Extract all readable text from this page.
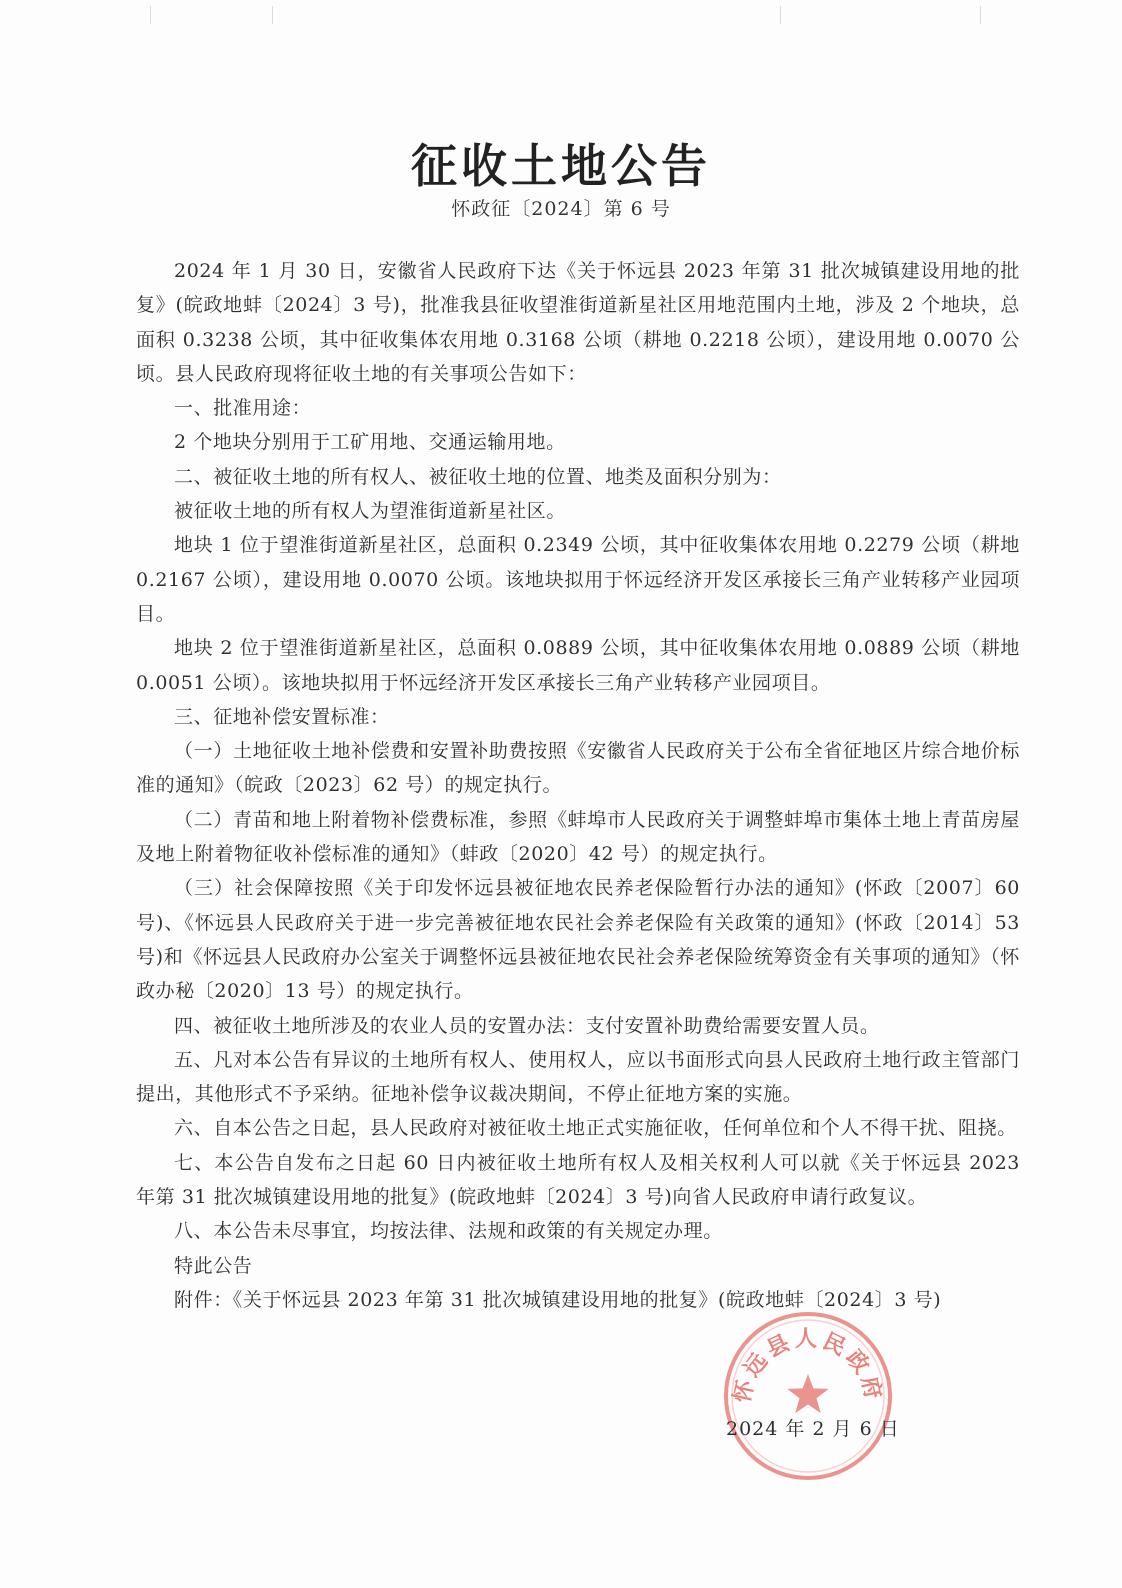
征收土地公告
怀政征〔2024〕第 6 号

2024 年 1 月 30 日，安徽省人民政府下达《关于怀远县 2023 年第 31 批次城镇建设用地的批复》(皖政地蚌〔2024〕3 号)，批准我县征收望淮街道新星社区用地范围内土地，涉及 2 个地块，总面积 0.3238 公顷，其中征收集体农用地 0.3168 公顷（耕地 0.2218 公顷），建设用地 0.0070 公顷。县人民政府现将征收土地的有关事项公告如下：

一、批准用途：

2 个地块分别用于工矿用地、交通运输用地。

二、被征收土地的所有权人、被征收土地的位置、地类及面积分别为：

被征收土地的所有权人为望淮街道新星社区。

地块 1 位于望淮街道新星社区，总面积 0.2349 公顷，其中征收集体农用地 0.2279 公顷（耕地 0.2167 公顷），建设用地 0.0070 公顷。该地块拟用于怀远经济开发区承接长三角产业转移产业园项目。

地块 2 位于望淮街道新星社区，总面积 0.0889 公顷，其中征收集体农用地 0.0889 公顷（耕地 0.0051 公顷）。该地块拟用于怀远经济开发区承接长三角产业转移产业园项目。

三、征地补偿安置标准：

（一）土地征收土地补偿费和安置补助费按照《安徽省人民政府关于公布全省征地区片综合地价标准的通知》（皖政〔2023〕62 号）的规定执行。

（二）青苗和地上附着物补偿费标准，参照《蚌埠市人民政府关于调整蚌埠市集体土地上青苗房屋及地上附着物征收补偿标准的通知》（蚌政〔2020〕42 号）的规定执行。

（三）社会保障按照《关于印发怀远县被征地农民养老保险暂行办法的通知》(怀政〔2007〕60 号)、《怀远县人民政府关于进一步完善被征地农民社会养老保险有关政策的通知》(怀政〔2014〕53 号)和《怀远县人民政府办公室关于调整怀远县被征地农民社会养老保险统筹资金有关事项的通知》（怀政办秘〔2020〕13 号）的规定执行。

四、被征收土地所涉及的农业人员的安置办法：支付安置补助费给需要安置人员。

五、凡对本公告有异议的土地所有权人、使用权人，应以书面形式向县人民政府土地行政主管部门提出，其他形式不予采纳。征地补偿争议裁决期间，不停止征地方案的实施。

六、自本公告之日起，县人民政府对被征收土地正式实施征收，任何单位和个人不得干扰、阻挠。

七、本公告自发布之日起 60 日内被征收土地所有权人及相关权利人可以就《关于怀远县 2023 年第 31 批次城镇建设用地的批复》(皖政地蚌〔2024〕3 号)向省人民政府申请行政复议。

八、本公告未尽事宜，均按法律、法规和政策的有关规定办理。

特此公告

附件：《关于怀远县 2023 年第 31 批次城镇建设用地的批复》(皖政地蚌〔2024〕3 号)

怀远县人民政府
2024 年 2 月 6 日
